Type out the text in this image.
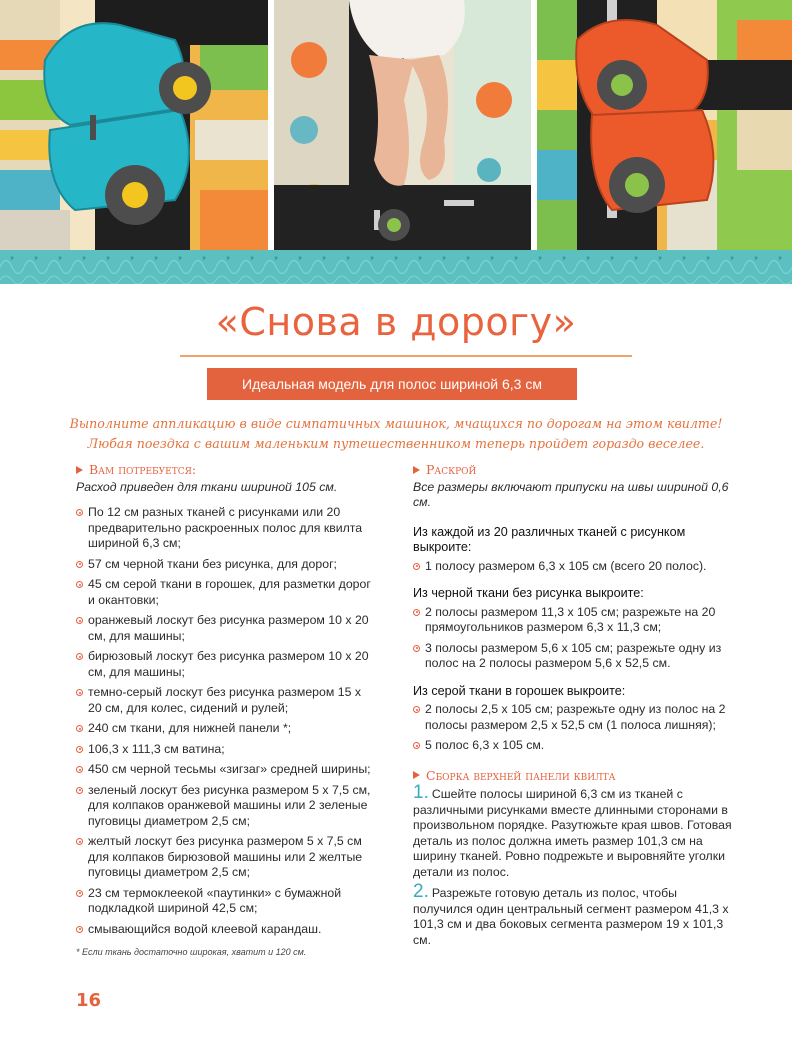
«Снова в дорогу»
Идеальная модель для полос шириной 6,3 см

Выполните аппликацию в виде симпатичных машинок, мчащихся по дорогам на этом квилте!

Любая поездка с вашим маленьким путешественником теперь пройдет гораздо веселее.

Вам потребуется:

Расход приведен для ткани шириной 105 см.

По 12 см разных тканей с рисунками или 20 предварительно раскроенных полос для квилта шириной 6,3 см;
57 см черной ткани без рисунка, для дорог;
45 см серой ткани в горошек, для разметки дорог и окантовки;
оранжевый лоскут без рисунка размером 10 х 20 см, для машины;
бирюзовый лоскут без рисунка размером 10 х 20 см, для машины;
темно-серый лоскут без рисунка размером 15 х 20 см, для колес, сидений и рулей;
240 см ткани, для нижней панели *;
106,3 х 111,3 см ватина;
450 см черной тесьмы «зигзаг» средней ширины;
зеленый лоскут без рисунка размером 5 х 7,5 см, для колпаков оранжевой машины или 2 зеленые пуговицы диаметром 2,5 см;
желтый лоскут без рисунка размером 5 х 7,5 см для колпаков бирюзовой машины или 2 желтые пуговицы диаметром 2,5 см;
23 см термоклеекой «паутинки» с бумажной подкладкой шириной 42,5 см;
смывающийся водой клеевой карандаш.
* Если ткань достаточно широкая, хватит и 120 см.
Раскрой

Все размеры включают припуски на швы шириной 0,6 см.

Из каждой из 20 различных тканей с рисунком выкроите:
1 полосу размером 6,3 х 105 см (всего 20 полос).
Из черной ткани без рисунка выкроите:
2 полосы размером 11,3 х 105 см; разрежьте на 20 прямоугольников размером 6,3 х 11,3 см;
3 полосы размером 5,6 х 105 см; разрежьте одну из полос на 2 полосы размером 5,6 х 52,5 см.
Из серой ткани в горошек выкроите:
2 полосы 2,5 х 105 см; разрежьте одну из полос на 2 полосы размером 2,5 х 52,5 см (1 полоса лишняя);
5 полос 6,3 х 105 см.
Сборка верхней панели квилта

1. Сшейте полосы шириной 6,3 см из тканей с различными рисунками вместе длинными сторонами в произвольном порядке. Разутюжьте края швов. Готовая деталь из полос должна иметь размер 101,3 см на ширину тканей. Ровно подрежьте и выровняйте уголки детали из полос.

2. Разрежьте готовую деталь из полос, чтобы получился один центральный сегмент размером 41,3 х 101,3 см и два боковых сегмента размером 19 х 101,3 см.

16
